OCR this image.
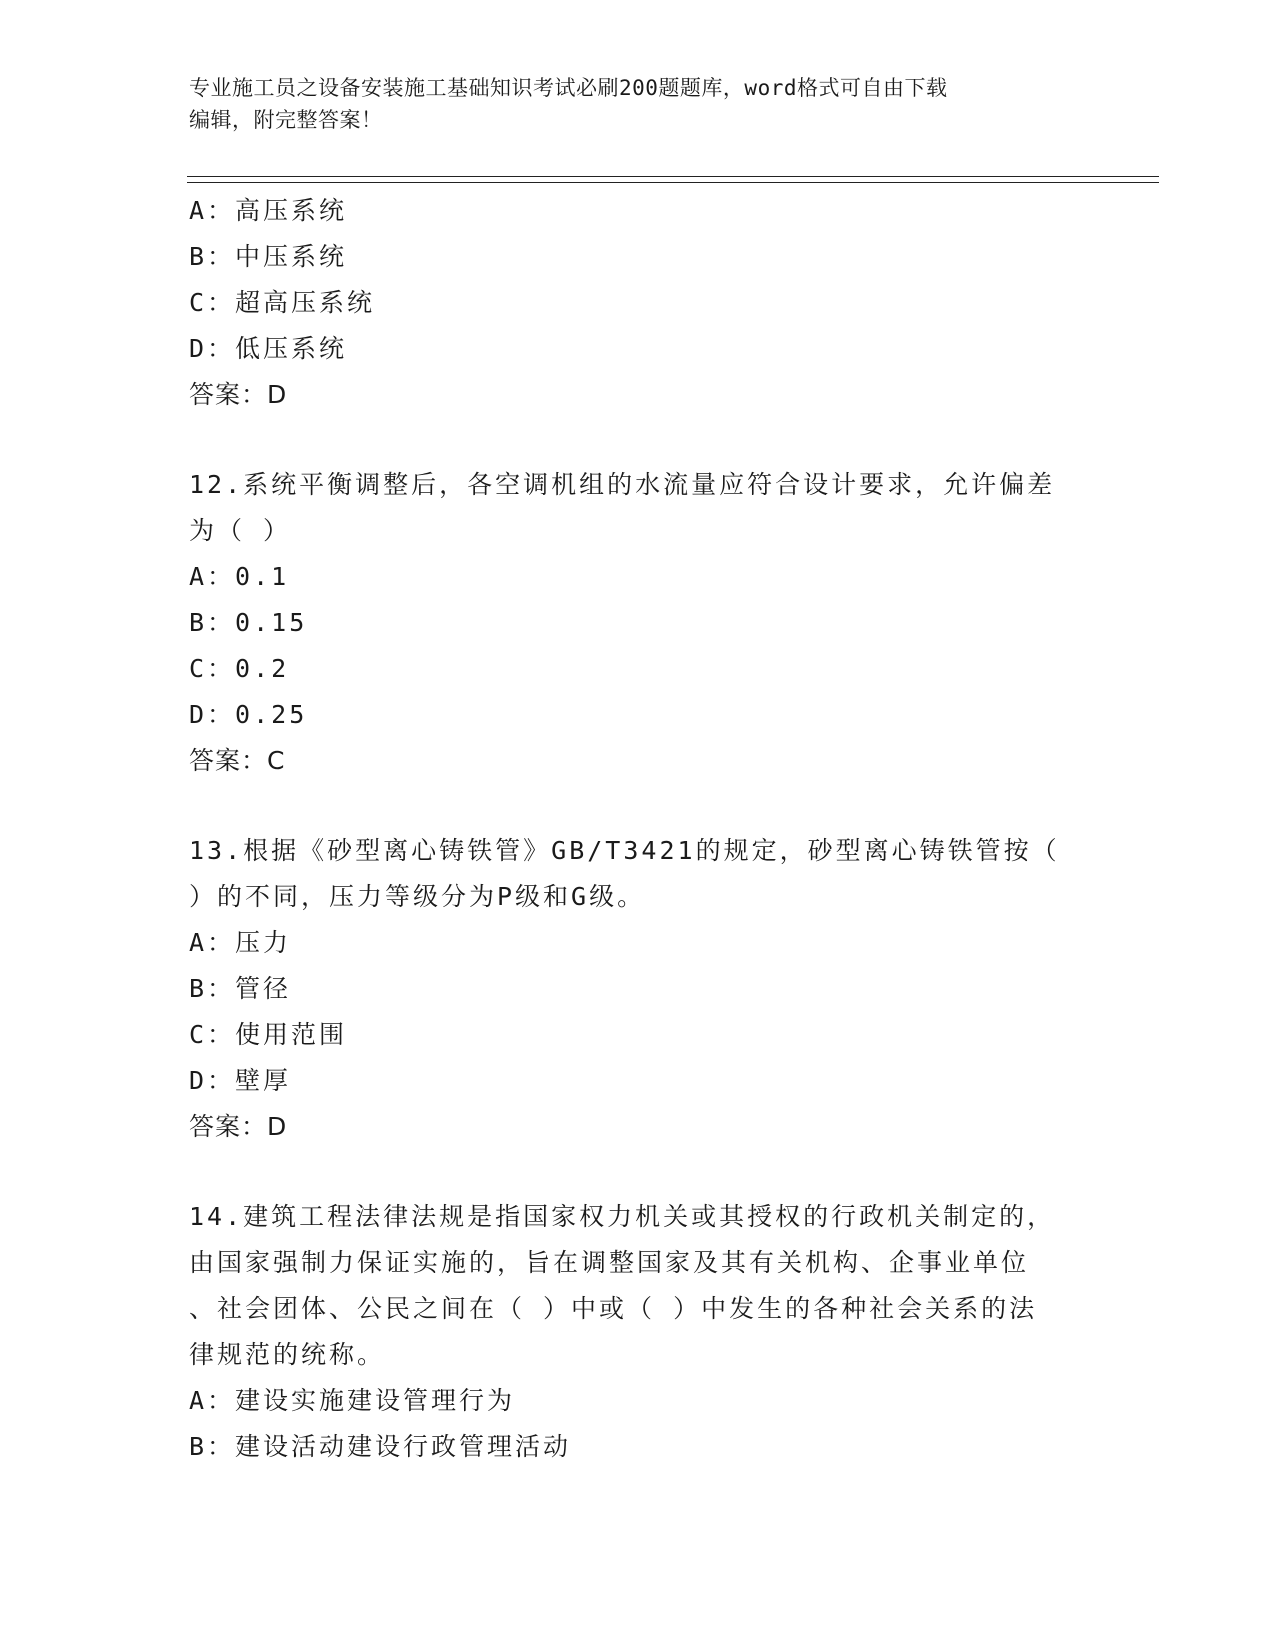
专业施工员之设备安装施工基础知识考试必刷200题题库，word格式可自由下载
编辑，附完整答案！
A：高压系统
B：中压系统
C：超高压系统
D：低压系统
答案：D
12.系统平衡调整后，各空调机组的水流量应符合设计要求，允许偏差
为（ ）
A：0.1
B：0.15
C：0.2
D：0.25
答案：C
13.根据《砂型离心铸铁管》GB/T3421的规定，砂型离心铸铁管按（
）的不同，压力等级分为P级和G级。
A：压力
B：管径
C：使用范围
D：壁厚
答案：D
14.建筑工程法律法规是指国家权力机关或其授权的行政机关制定的，
由国家强制力保证实施的，旨在调整国家及其有关机构、企事业单位
、社会团体、公民之间在（ ）中或（ ）中发生的各种社会关系的法
律规范的统称。
A：建设实施建设管理行为
B：建设活动建设行政管理活动
